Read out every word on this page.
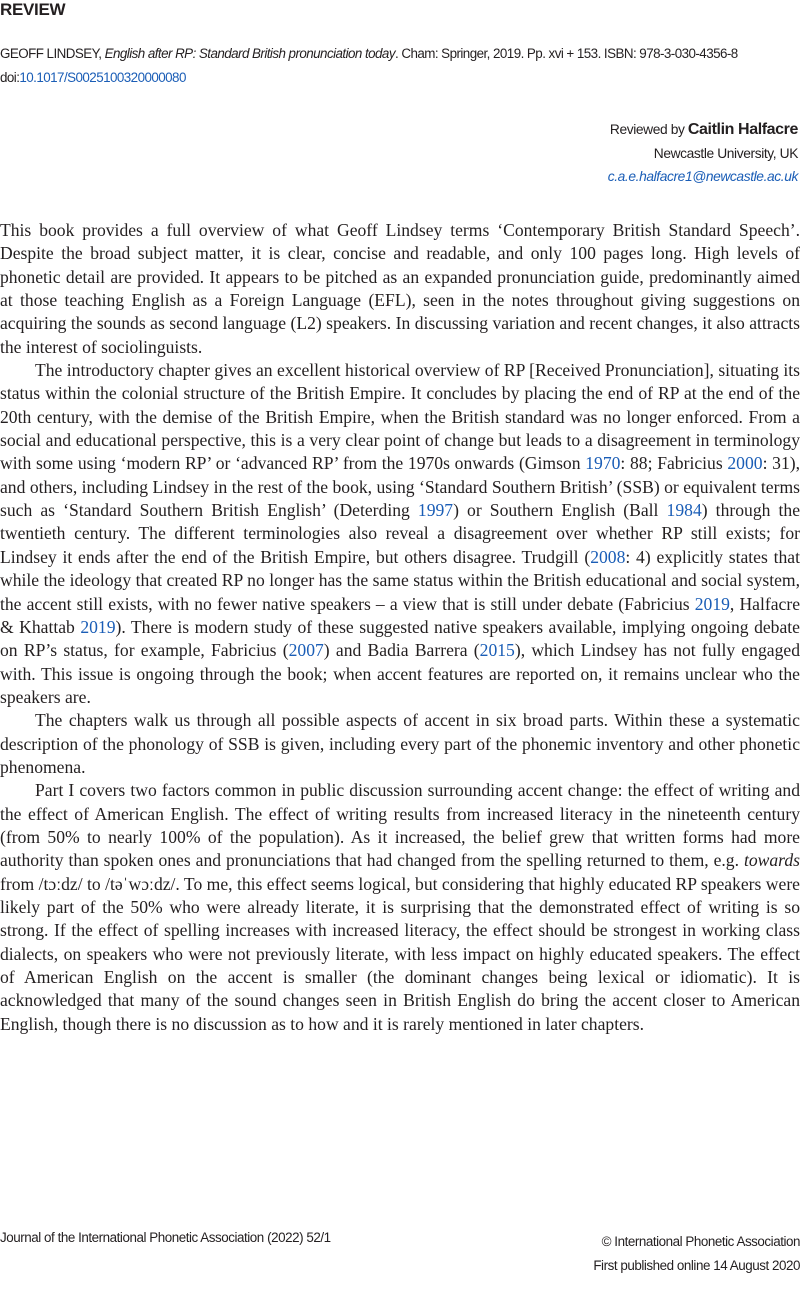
REVIEW
GEOFF LINDSEY, English after RP: Standard British pronunciation today. Cham: Springer, 2019. Pp. xvi + 153. ISBN: 978-3-030-4356-8
doi:10.1017/S0025100320000080
Reviewed by Caitlin Halfacre
Newcastle University, UK
c.a.e.halfacre1@newcastle.ac.uk

This book provides a full overview of what Geoff Lindsey terms ‘Contemporary British Standard Speech’. Despite the broad subject matter, it is clear, concise and readable, and only 100 pages long. High levels of phonetic detail are provided. It appears to be pitched as an expanded pronunciation guide, predominantly aimed at those teaching English as a Foreign Language (EFL), seen in the notes throughout giving suggestions on acquiring the sounds as second language (L2) speakers. In discussing variation and recent changes, it also attracts the interest of sociolinguists.

The introductory chapter gives an excellent historical overview of RP [Received Pronunciation], situating its status within the colonial structure of the British Empire. It concludes by placing the end of RP at the end of the 20th century, with the demise of the British Empire, when the British standard was no longer enforced. From a social and educational perspective, this is a very clear point of change but leads to a disagreement in terminology with some using ‘modern RP’ or ‘advanced RP’ from the 1970s onwards (Gimson 1970: 88; Fabricius 2000: 31), and others, including Lindsey in the rest of the book, using ‘Standard Southern British’ (SSB) or equivalent terms such as ‘Standard Southern British English’ (Deterding 1997) or Southern English (Ball 1984) through the twentieth century. The different terminologies also reveal a disagreement over whether RP still exists; for Lindsey it ends after the end of the British Empire, but others disagree. Trudgill (2008: 4) explicitly states that while the ideology that created RP no longer has the same status within the British educational and social system, the accent still exists, with no fewer native speakers – a view that is still under debate (Fabricius 2019, Halfacre & Khattab 2019). There is modern study of these suggested native speakers available, implying ongoing debate on RP’s status, for example, Fabricius (2007) and Badia Barrera (2015), which Lindsey has not fully engaged with. This issue is ongoing through the book; when accent features are reported on, it remains unclear who the speakers are.

The chapters walk us through all possible aspects of accent in six broad parts. Within these a systematic description of the phonology of SSB is given, including every part of the phonemic inventory and other phonetic phenomena.

Part I covers two factors common in public discussion surrounding accent change: the effect of writing and the effect of American English. The effect of writing results from increased literacy in the nineteenth century (from 50% to nearly 100% of the population). As it increased, the belief grew that written forms had more authority than spoken ones and pronunciations that had changed from the spelling returned to them, e.g. towards from /tɔːdz/ to /təˈwɔːdz/. To me, this effect seems logical, but considering that highly educated RP speakers were likely part of the 50% who were already literate, it is surprising that the demonstrated effect of writing is so strong. If the effect of spelling increases with increased literacy, the effect should be strongest in working class dialects, on speakers who were not previously literate, with less impact on highly educated speakers. The effect of American English on the accent is smaller (the dominant changes being lexical or idiomatic). It is acknowledged that many of the sound changes seen in British English do bring the accent closer to American English, though there is no discussion as to how and it is rarely mentioned in later chapters.

Journal of the International Phonetic Association (2022) 52/1	© International Phonetic Association
First published online 14 August 2020
